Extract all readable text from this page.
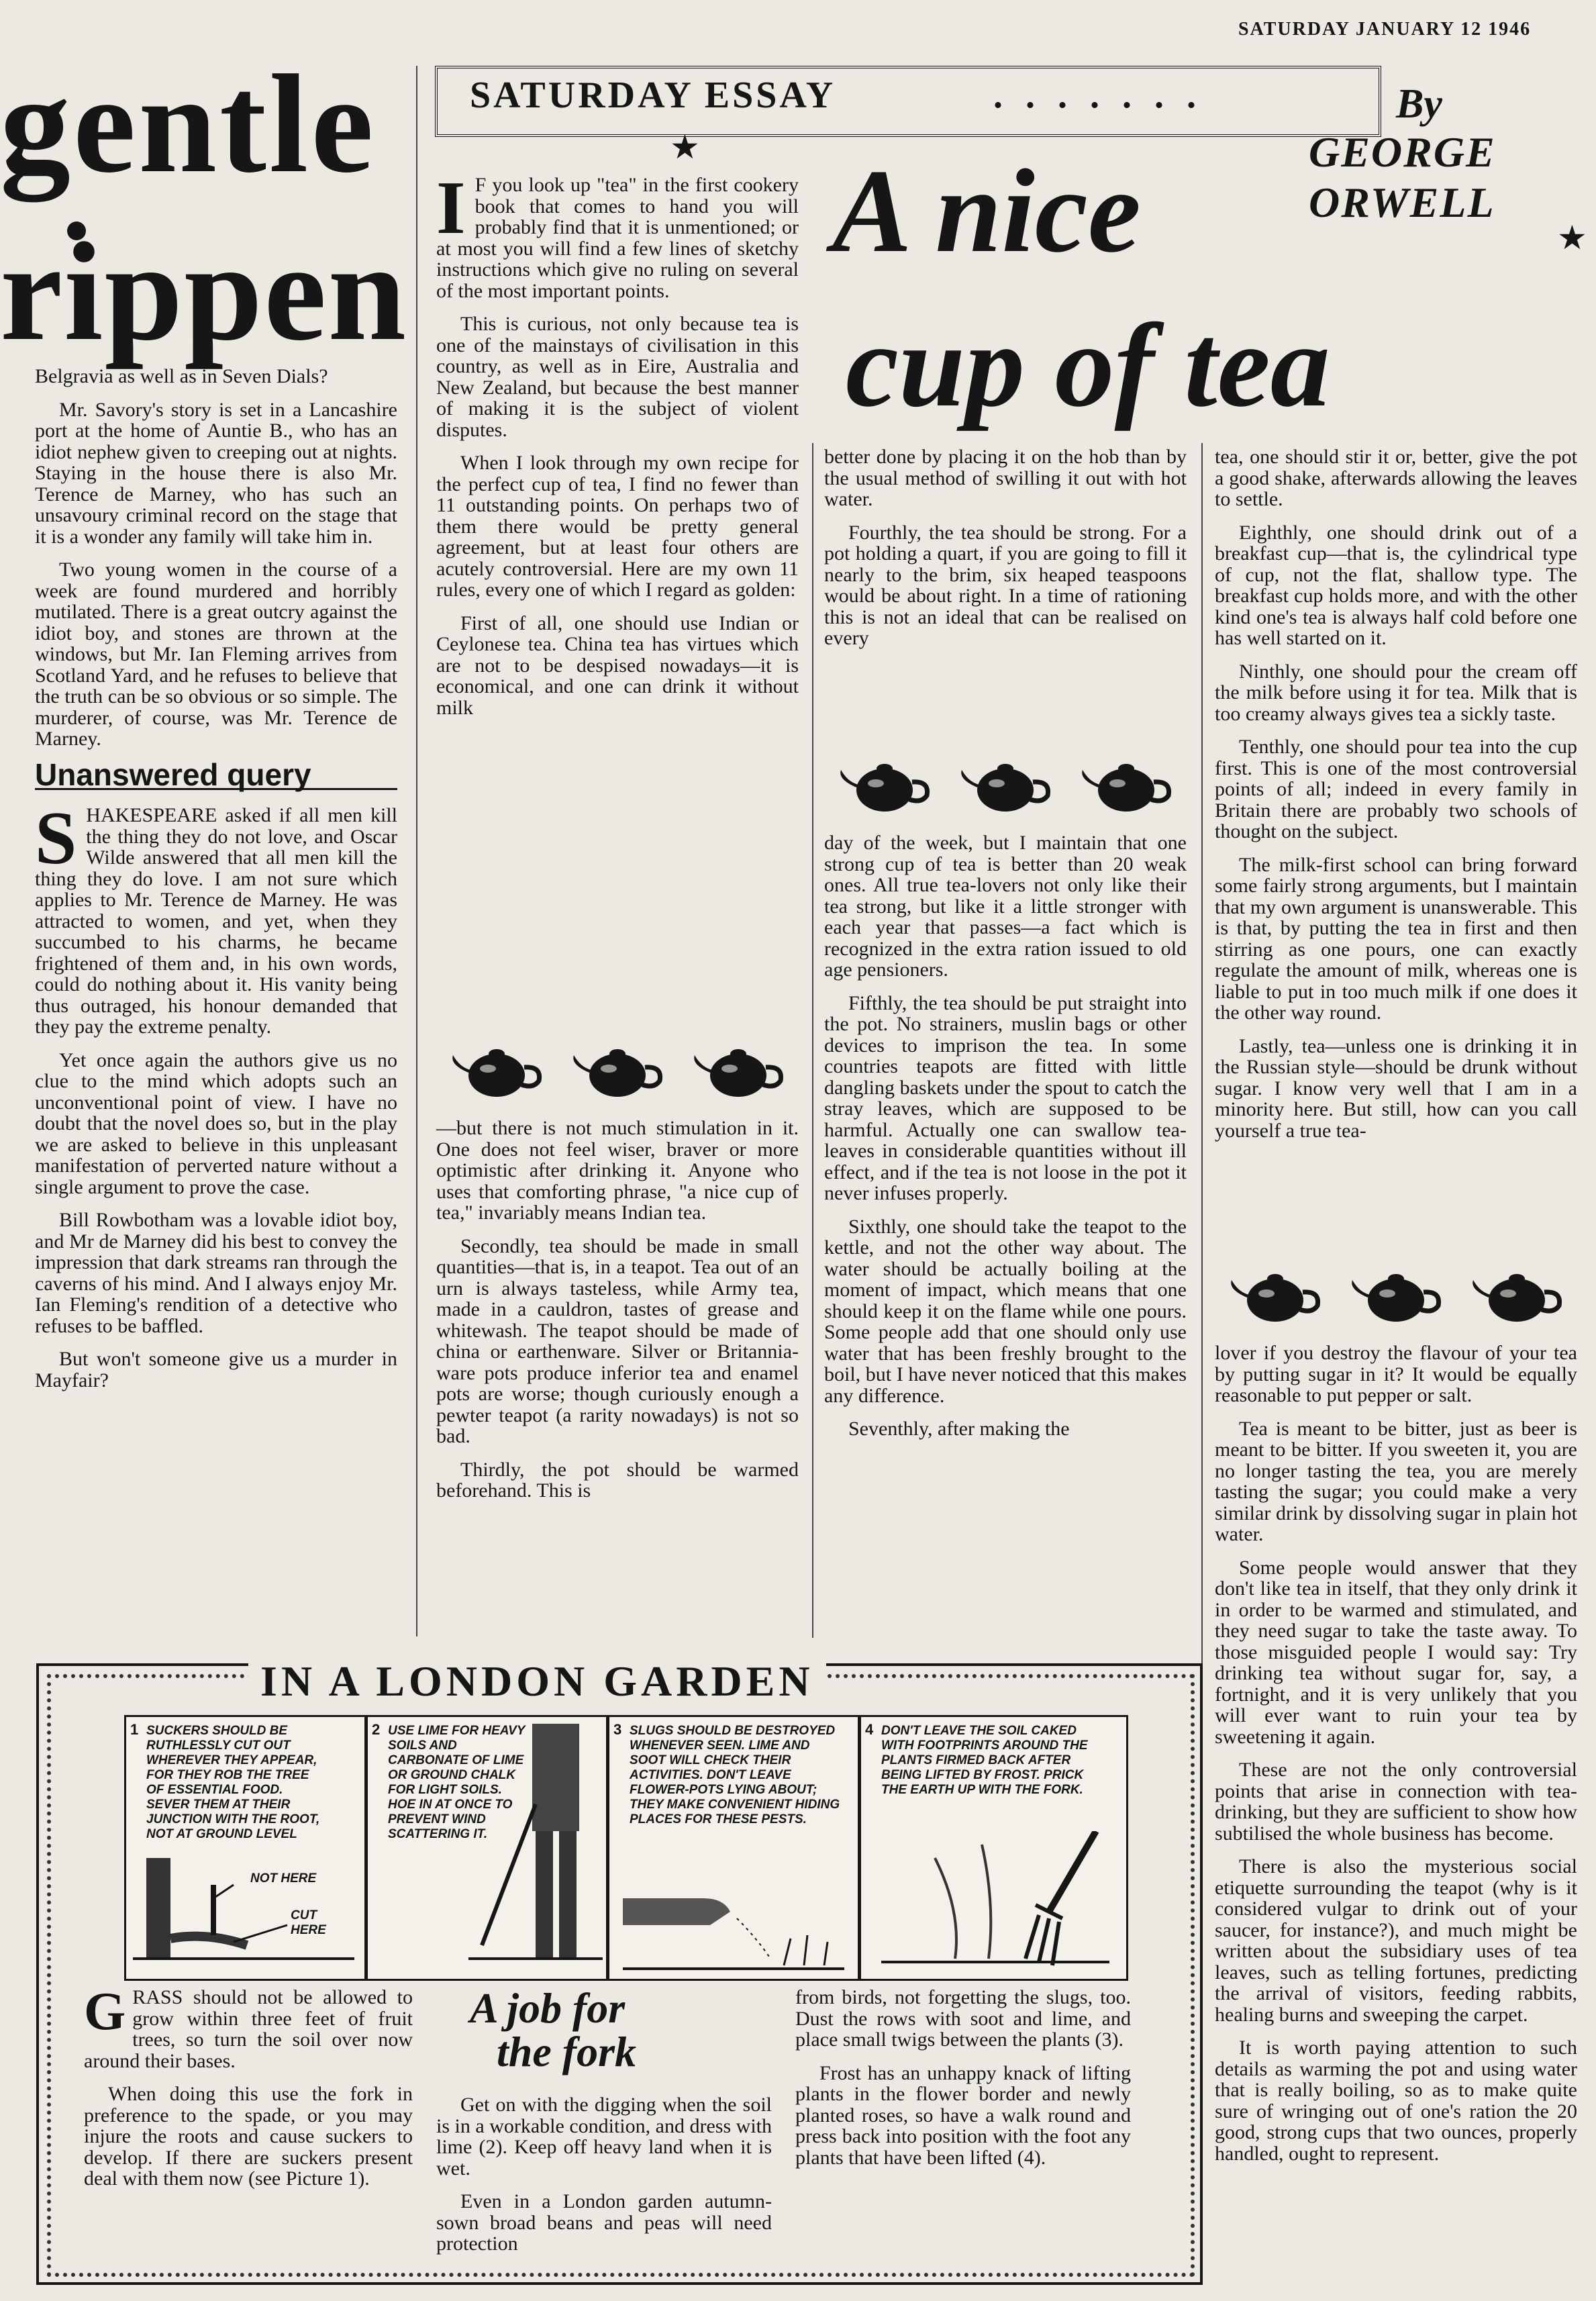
SATURDAY JANUARY 12 1946
gentle
rippen

Belgravia as well as in Seven Dials?

Mr. Savory's story is set in a Lancashire port at the home of Auntie B., who has an idiot nephew given to creeping out at nights. Staying in the house there is also Mr. Terence de Marney, who has such an unsavoury criminal record on the stage that it is a wonder any family will take him in.

Two young women in the course of a week are found murdered and horribly mutilated. There is a great outcry against the idiot boy, and stones are thrown at the windows, but Mr. Ian Fleming arrives from Scotland Yard, and he refuses to believe that the truth can be so obvious or so simple. The murderer, of course, was Mr. Terence de Marney.

Unanswered query

SHAKESPEARE asked if all men kill the thing they do not love, and Oscar Wilde answered that all men kill the thing they do love. I am not sure which applies to Mr. Terence de Marney. He was attracted to women, and yet, when they succumbed to his charms, he became frightened of them and, in his own words, could do nothing about it. His vanity being thus outraged, his honour demanded that they pay the extreme penalty.

Yet once again the authors give us no clue to the mind which adopts such an unconventional point of view. I have no doubt that the novel does so, but in the play we are asked to believe in this unpleasant manifestation of perverted nature without a single argument to prove the case.

Bill Rowbotham was a lovable idiot boy, and Mr de Marney did his best to convey the impression that dark streams ran through the caverns of his mind. And I always enjoy Mr. Ian Fleming's rendition of a detective who refuses to be baffled.

But won't someone give us a murder in Mayfair?

SATURDAY ESSAY	. . . . . . .	By
GEORGE
ORWELL
★
★
A nice
cup of tea

I F you look up "tea" in the first cookery book that comes to hand you will probably find that it is unmentioned; or at most you will find a few lines of sketchy instructions which give no ruling on several of the most important points.

This is curious, not only because tea is one of the mainstays of civilisation in this country, as well as in Eire, Australia and New Zealand, but because the best manner of making it is the subject of violent disputes.

When I look through my own recipe for the perfect cup of tea, I find no fewer than 11 outstanding points. On perhaps two of them there would be pretty general agreement, but at least four others are acutely controversial. Here are my own 11 rules, every one of which I regard as golden:

First of all, one should use Indian or Ceylonese tea. China tea has virtues which are not to be despised nowadays—it is economical, and one can drink it without milk

—but there is not much stimulation in it. One does not feel wiser, braver or more optimistic after drinking it. Anyone who uses that comforting phrase, "a nice cup of tea," invariably means Indian tea.

Secondly, tea should be made in small quantities—that is, in a teapot. Tea out of an urn is always tasteless, while Army tea, made in a cauldron, tastes of grease and whitewash. The teapot should be made of china or earthenware. Silver or Britannia-ware pots produce inferior tea and enamel pots are worse; though curiously enough a pewter teapot (a rarity nowadays) is not so bad.

Thirdly, the pot should be warmed beforehand. This is

better done by placing it on the hob than by the usual method of swilling it out with hot water.

Fourthly, the tea should be strong. For a pot holding a quart, if you are going to fill it nearly to the brim, six heaped teaspoons would be about right. In a time of rationing this is not an ideal that can be realised on every

day of the week, but I maintain that one strong cup of tea is better than 20 weak ones. All true tea-lovers not only like their tea strong, but like it a little stronger with each year that passes—a fact which is recognized in the extra ration issued to old age pensioners.

Fifthly, the tea should be put straight into the pot. No strainers, muslin bags or other devices to imprison the tea. In some countries teapots are fitted with little dangling baskets under the spout to catch the stray leaves, which are supposed to be harmful. Actually one can swallow tea-leaves in considerable quantities without ill effect, and if the tea is not loose in the pot it never infuses properly.

Sixthly, one should take the teapot to the kettle, and not the other way about. The water should be actually boiling at the moment of impact, which means that one should keep it on the flame while one pours. Some people add that one should only use water that has been freshly brought to the boil, but I have never noticed that this makes any difference.

Seventhly, after making the

tea, one should stir it or, better, give the pot a good shake, afterwards allowing the leaves to settle.

Eighthly, one should drink out of a breakfast cup—that is, the cylindrical type of cup, not the flat, shallow type. The breakfast cup holds more, and with the other kind one's tea is always half cold before one has well started on it.

Ninthly, one should pour the cream off the milk before using it for tea. Milk that is too creamy always gives tea a sickly taste.

Tenthly, one should pour tea into the cup first. This is one of the most controversial points of all; indeed in every family in Britain there are probably two schools of thought on the subject.

The milk-first school can bring forward some fairly strong arguments, but I maintain that my own argument is unanswerable. This is that, by putting the tea in first and then stirring as one pours, one can exactly regulate the amount of milk, whereas one is liable to put in too much milk if one does it the other way round.

Lastly, tea—unless one is drinking it in the Russian style—should be drunk without sugar. I know very well that I am in a minority here. But still, how can you call yourself a true tea-

lover if you destroy the flavour of your tea by putting sugar in it? It would be equally reasonable to put pepper or salt.

Tea is meant to be bitter, just as beer is meant to be bitter. If you sweeten it, you are no longer tasting the tea, you are merely tasting the sugar; you could make a very similar drink by dissolving sugar in plain hot water.

Some people would answer that they don't like tea in itself, that they only drink it in order to be warmed and stimulated, and they need sugar to take the taste away. To those misguided people I would say: Try drinking tea without sugar for, say, a fortnight, and it is very unlikely that you will ever want to ruin your tea by sweetening it again.

These are not the only controversial points that arise in connection with tea-drinking, but they are sufficient to show how subtilised the whole business has become.

There is also the mysterious social etiquette surrounding the teapot (why is it considered vulgar to drink out of your saucer, for instance?), and much might be written about the subsidiary uses of tea leaves, such as telling fortunes, predicting the arrival of visitors, feeding rabbits, healing burns and sweeping the carpet.

It is worth paying attention to such details as warming the pot and using water that is really boiling, so as to make quite sure of wringing out of one's ration the 20 good, strong cups that two ounces, properly handled, ought to represent.

IN A LONDON GARDEN
1 SUCKERS SHOULD BE RUTHLESSLY CUT OUT WHEREVER THEY APPEAR, FOR THEY ROB THE TREE OF ESSENTIAL FOOD. SEVER THEM AT THEIR JUNCTION WITH THE ROOT, NOT AT GROUND LEVEL
NOT HERE
CUT HERE
2 USE LIME FOR HEAVY SOILS AND CARBONATE OF LIME OR GROUND CHALK FOR LIGHT SOILS. HOE IN AT ONCE TO PREVENT WIND SCATTERING IT.
3 SLUGS SHOULD BE DESTROYED WHENEVER SEEN. LIME AND SOOT WILL CHECK THEIR ACTIVITIES. DON'T LEAVE FLOWER-POTS LYING ABOUT; THEY MAKE CONVENIENT HIDING PLACES FOR THESE PESTS.
4 DON'T LEAVE THE SOIL CAKED WITH FOOTPRINTS AROUND THE PLANTS FIRMED BACK AFTER BEING LIFTED BY FROST. PRICK THE EARTH UP WITH THE FORK.
A job for
the fork

GRASS should not be allowed to grow within three feet of fruit trees, so turn the soil over now around their bases.

When doing this use the fork in preference to the spade, or you may injure the roots and cause suckers to develop. If there are suckers present deal with them now (see Picture 1).

Get on with the digging when the soil is in a workable condition, and dress with lime (2). Keep off heavy land when it is wet.

Even in a London garden autumn-sown broad beans and peas will need protection

from birds, not forgetting the slugs, too. Dust the rows with soot and lime, and place small twigs between the plants (3).

Frost has an unhappy knack of lifting plants in the flower border and newly planted roses, so have a walk round and press back into position with the foot any plants that have been lifted (4).
